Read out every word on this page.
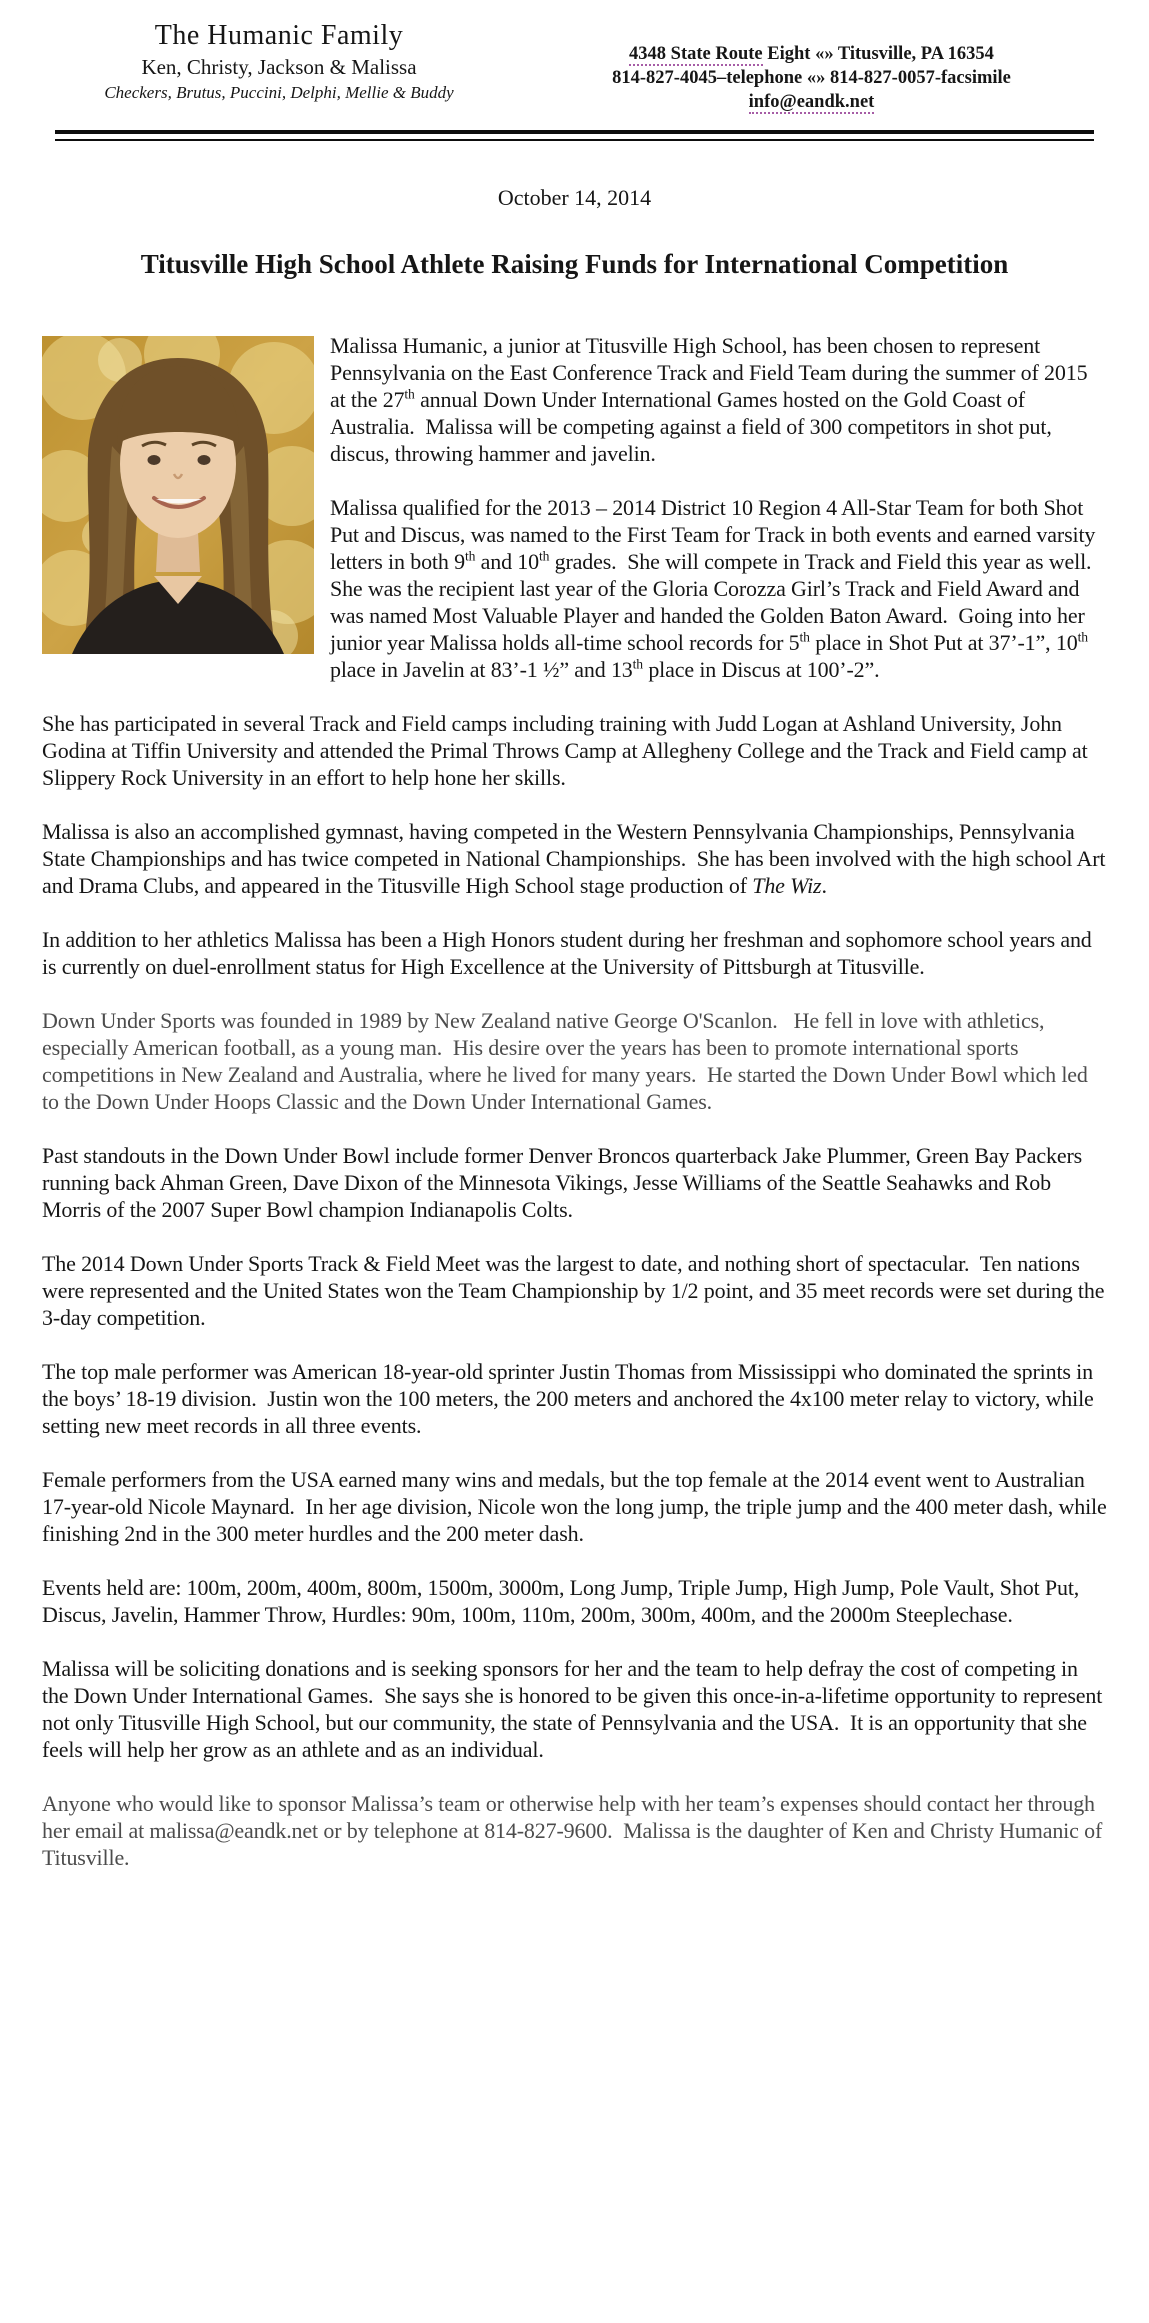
The Humanic Family
Ken, Christy, Jackson & Malissa
Checkers, Brutus, Puccini, Delphi, Mellie & Buddy
4348 State Route Eight «» Titusville, PA 16354
814-827-4045–telephone «» 814-827-0057-facsimile
info@eandk.net
October 14, 2014
Titusville High School Athlete Raising Funds for International Competition

Malissa Humanic, a junior at Titusville High School, has been chosen to represent Pennsylvania on the East Conference Track and Field Team during the summer of 2015 at the 27th annual Down Under International Games hosted on the Gold Coast of Australia.  Malissa will be competing against a field of 300 competitors in shot put, discus, throwing hammer and javelin.

Malissa qualified for the 2013 – 2014 District 10 Region 4 All-Star Team for both Shot Put and Discus, was named to the First Team for Track in both events and earned varsity letters in both 9th and 10th grades.  She will compete in Track and Field this year as well.  She was the recipient last year of the Gloria Corozza Girl’s Track and Field Award and was named Most Valuable Player and handed the Golden Baton Award.  Going into her junior year Malissa holds all-time school records for 5th place in Shot Put at 37’-1”, 10th place in Javelin at 83’-1 ½” and 13th place in Discus at 100’-2”.

She has participated in several Track and Field camps including training with Judd Logan at Ashland University, John Godina at Tiffin University and attended the Primal Throws Camp at Allegheny College and the Track and Field camp at Slippery Rock University in an effort to help hone her skills.

Malissa is also an accomplished gymnast, having competed in the Western Pennsylvania Championships, Pennsylvania State Championships and has twice competed in National Championships.  She has been involved with the high school Art and Drama Clubs, and appeared in the Titusville High School stage production of The Wiz.

In addition to her athletics Malissa has been a High Honors student during her freshman and sophomore school years and is currently on duel-enrollment status for High Excellence at the University of Pittsburgh at Titusville.

Down Under Sports was founded in 1989 by New Zealand native George O'Scanlon.   He fell in love with athletics, especially American football, as a young man.  His desire over the years has been to promote international sports competitions in New Zealand and Australia, where he lived for many years.  He started the Down Under Bowl which led to the Down Under Hoops Classic and the Down Under International Games.

Past standouts in the Down Under Bowl include former Denver Broncos quarterback Jake Plummer, Green Bay Packers running back Ahman Green, Dave Dixon of the Minnesota Vikings, Jesse Williams of the Seattle Seahawks and Rob Morris of the 2007 Super Bowl champion Indianapolis Colts.

The 2014 Down Under Sports Track & Field Meet was the largest to date, and nothing short of spectacular.  Ten nations were represented and the United States won the Team Championship by 1/2 point, and 35 meet records were set during the 3-day competition.

The top male performer was American 18-year-old sprinter Justin Thomas from Mississippi who dominated the sprints in the boys’ 18-19 division.  Justin won the 100 meters, the 200 meters and anchored the 4x100 meter relay to victory, while setting new meet records in all three events.

Female performers from the USA earned many wins and medals, but the top female at the 2014 event went to Australian 17-year-old Nicole Maynard.  In her age division, Nicole won the long jump, the triple jump and the 400 meter dash, while finishing 2nd in the 300 meter hurdles and the 200 meter dash.

Events held are: 100m, 200m, 400m, 800m, 1500m, 3000m, Long Jump, Triple Jump, High Jump, Pole Vault, Shot Put, Discus, Javelin, Hammer Throw, Hurdles: 90m, 100m, 110m, 200m, 300m, 400m, and the 2000m Steeplechase.

Malissa will be soliciting donations and is seeking sponsors for her and the team to help defray the cost of competing in the Down Under International Games.  She says she is honored to be given this once-in-a-lifetime opportunity to represent not only Titusville High School, but our community, the state of Pennsylvania and the USA.  It is an opportunity that she feels will help her grow as an athlete and as an individual.

Anyone who would like to sponsor Malissa’s team or otherwise help with her team’s expenses should contact her through her email at malissa@eandk.net or by telephone at 814-827-9600.  Malissa is the daughter of Ken and Christy Humanic of Titusville.
